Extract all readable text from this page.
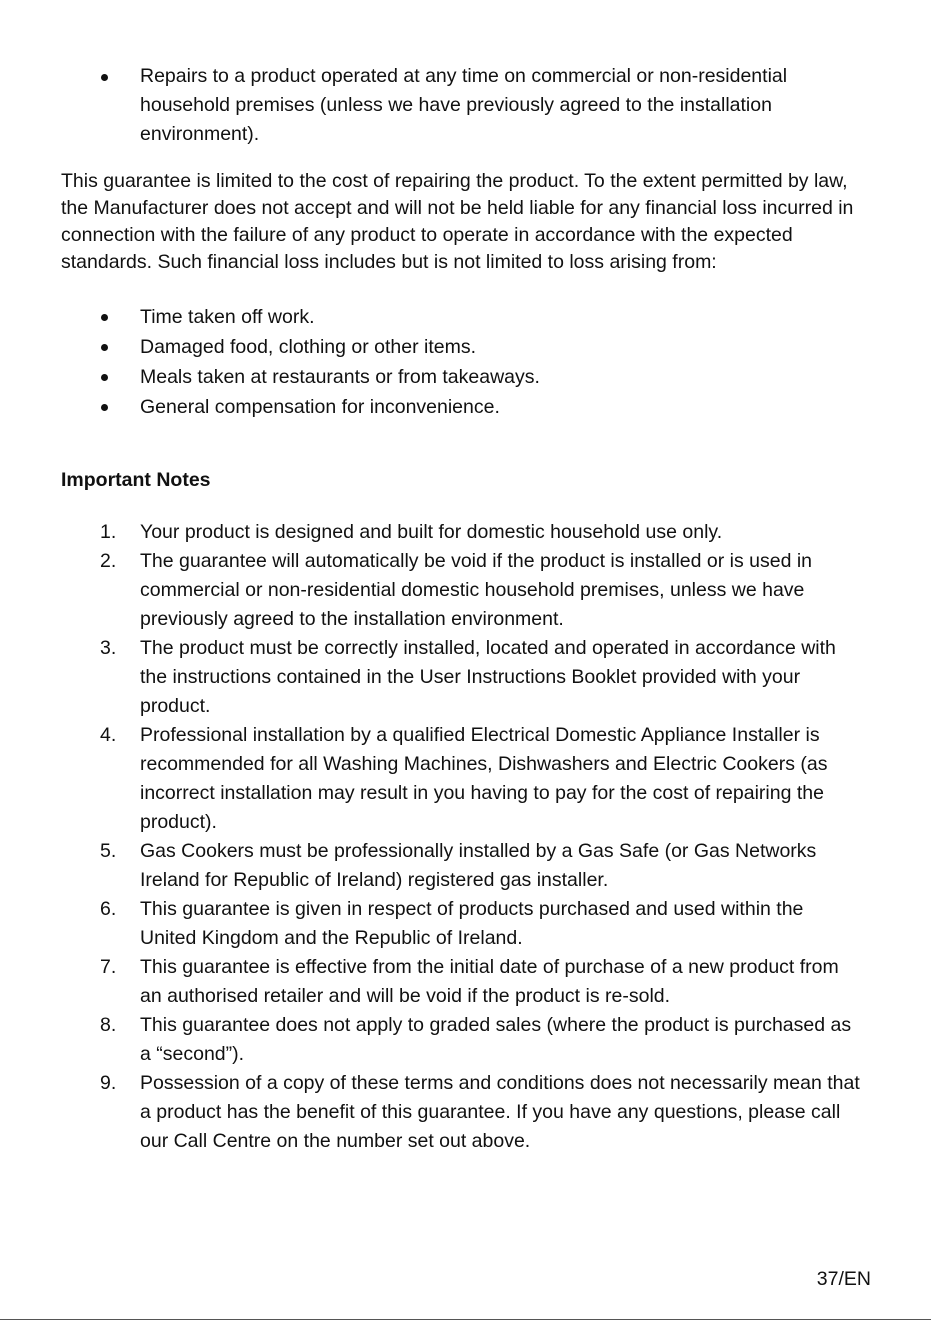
Repairs to a product operated at any time on commercial or non-residential household premises (unless we have previously agreed to the installation environment).

This guarantee is limited to the cost of repairing the product. To the extent permitted by law, the Manufacturer does not accept and will not be held liable for any financial loss incurred in connection with the failure of any product to operate in accordance with the expected standards. Such financial loss includes but is not limited to loss arising from:

Time taken off work.
Damaged food, clothing or other items.
Meals taken at restaurants or from takeaways.
General compensation for inconvenience.
Important Notes
1. Your product is designed and built for domestic household use only.
2. The guarantee will automatically be void if the product is installed or is used in commercial or non-residential domestic household premises, unless we have previously agreed to the installation environment.
3. The product must be correctly installed, located and operated in accordance with the instructions contained in the User Instructions Booklet provided with your product.
4. Professional installation by a qualified Electrical Domestic Appliance Installer is recommended for all Washing Machines, Dishwashers and Electric Cookers (as incorrect installation may result in you having to pay for the cost of repairing the product).
5. Gas Cookers must be professionally installed by a Gas Safe (or Gas Networks Ireland for Republic of Ireland) registered gas installer.
6. This guarantee is given in respect of products purchased and used within the United Kingdom and the Republic of Ireland.
7. This guarantee is effective from the initial date of purchase of a new product from an authorised retailer and will be void if the product is re-sold.
8. This guarantee does not apply to graded sales (where the product is purchased as a “second”).
9. Possession of a copy of these terms and conditions does not necessarily mean that a product has the benefit of this guarantee. If you have any questions, please call our Call Centre on the number set out above.
37/EN
